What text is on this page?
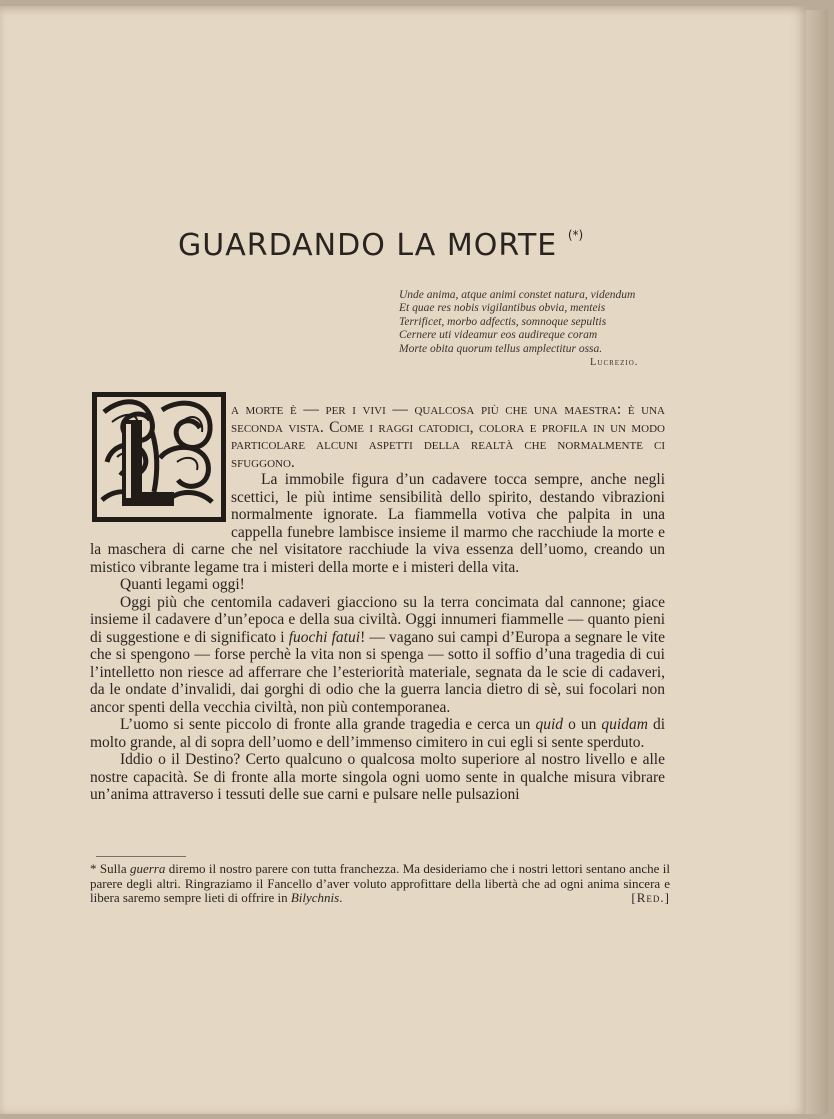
GUARDANDO LA MORTE (*)
Unde anima, atque animi constet natura, videndum
Et quae res nobis vigilantibus obvia, menteis
Terrificet, morbo adfectis, somnoque sepultis
Cernere uti videamur eos audireque coram
Morte obita quorum tellus amplectitur ossa.
Lucrezio.

a morte è — per i vivi — qualcosa più che una maestra: è una seconda vista. Come i raggi catodici, colora e profila in un modo particolare alcuni aspetti della realtà che normalmente ci sfuggono.

La immobile figura d’un cadavere tocca sempre, anche negli scettici, le più intime sensibilità dello spirito, destando vibrazioni normalmente ignorate. La fiammella votiva che palpita in una cappella funebre lambisce insieme il marmo che racchiude la morte e la maschera di carne che nel visitatore racchiude la viva essenza dell’uomo, creando un mistico vibrante legame tra i misteri della morte e i misteri della vita.

Quanti legami oggi!

Oggi più che centomila cadaveri giacciono su la terra concimata dal cannone; giace insieme il cadavere d’un’epoca e della sua civiltà. Oggi innumeri fiammelle — quanto pieni di suggestione e di significato i fuochi fatui! — vagano sui campi d’Europa a segnare le vite che si spengono — forse perchè la vita non si spenga — sotto il soffio d’una tragedia di cui l’intelletto non riesce ad afferrare che l’esteriorità materiale, segnata da le scie di cadaveri, da le ondate d’invalidi, dai gorghi di odio che la guerra lancia dietro di sè, sui focolari non ancor spenti della vecchia civiltà, non più contemporanea.

L’uomo si sente piccolo di fronte alla grande tragedia e cerca un quid o un quidam di molto grande, al di sopra dell’uomo e dell’immenso cimitero in cui egli si sente sperduto.

Iddio o il Destino? Certo qualcuno o qualcosa molto superiore al nostro livello e alle nostre capacità. Se di fronte alla morte singola ogni uomo sente in qualche misura vibrare un’anima attraverso i tessuti delle sue carni e pulsare nelle pulsazioni

* Sulla guerra diremo il nostro parere con tutta franchezza. Ma desideriamo che i nostri lettori sentano anche il parere degli altri. Ringraziamo il Fancello d’aver voluto approfittare della libertà che ad ogni anima sincera e libera saremo sempre lieti di offrire in Bilychnis.	[Red.]
